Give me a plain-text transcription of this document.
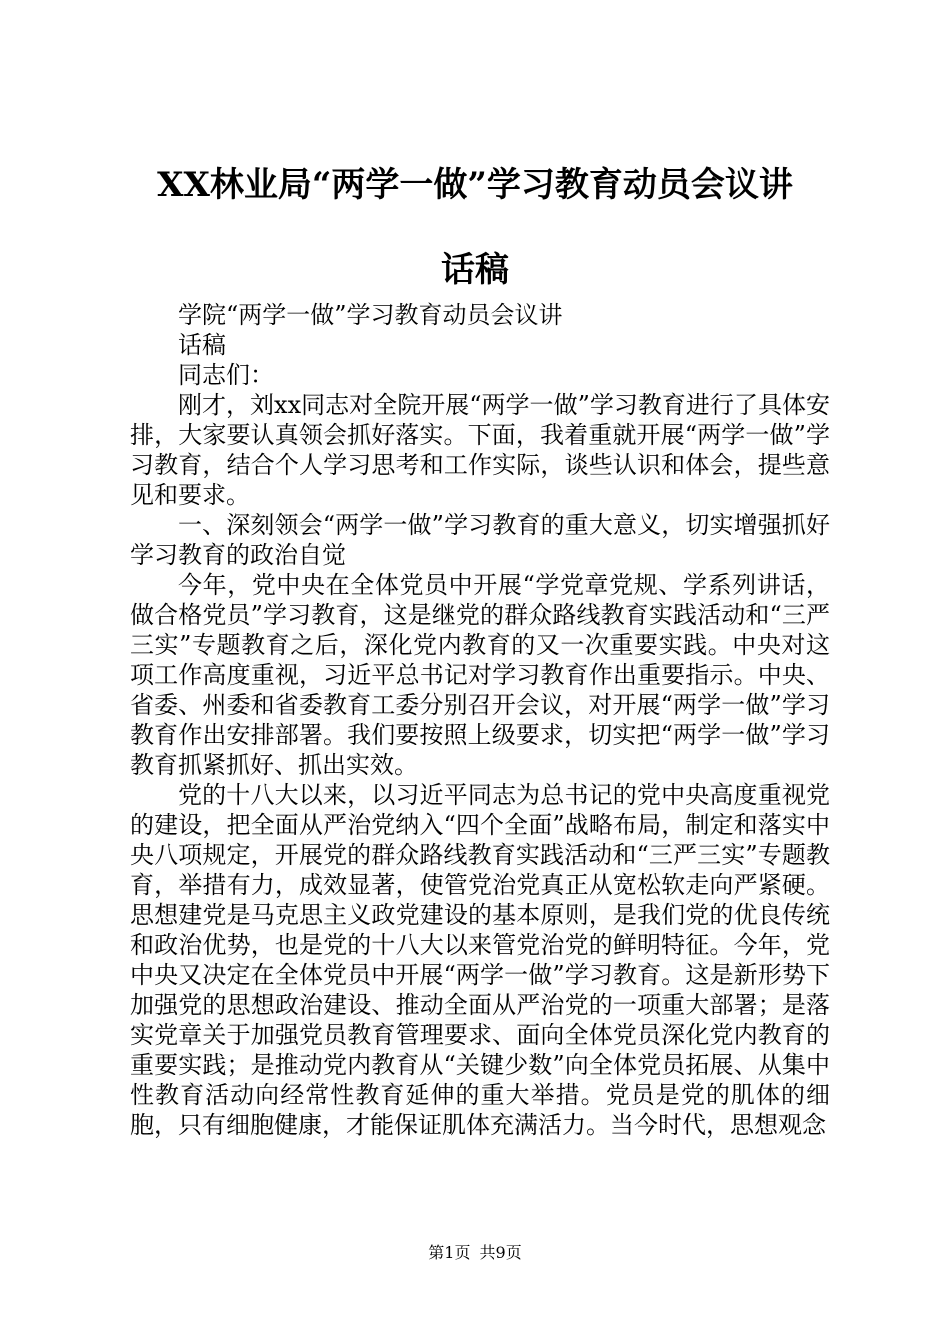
XX林业局“两学一做”学习教育动员会议讲
话稿

学院“两学一做”学习教育动员会议讲

话稿

同志们：

刚才，刘xx同志对全院开展“两学一做”学习教育进行了具体安排，大家要认真领会抓好落实。下面，我着重就开展“两学一做”学习教育，结合个人学习思考和工作实际，谈些认识和体会，提些意见和要求。

一、深刻领会“两学一做”学习教育的重大意义，切实增强抓好学习教育的政治自觉

今年，党中央在全体党员中开展“学党章党规、学系列讲话，做合格党员”学习教育，这是继党的群众路线教育实践活动和“三严三实”专题教育之后，深化党内教育的又一次重要实践。中央对这项工作高度重视，习近平总书记对学习教育作出重要指示。中央、省委、州委和省委教育工委分别召开会议，对开展“两学一做”学习教育作出安排部署。我们要按照上级要求，切实把“两学一做”学习教育抓紧抓好、抓出实效。

党的十八大以来，以习近平同志为总书记的党中央高度重视党的建设，把全面从严治党纳入“四个全面”战略布局，制定和落实中央八项规定，开展党的群众路线教育实践活动和“三严三实”专题教育，举措有力，成效显著，使管党治党真正从宽松软走向严紧硬。思想建党是马克思主义政党建设的基本原则，是我们党的优良传统和政治优势，也是党的十八大以来管党治党的鲜明特征。今年，党中央又决定在全体党员中开展“两学一做”学习教育。这是新形势下加强党的思想政治建设、推动全面从严治党的一项重大部署；是落实党章关于加强党员教育管理要求、面向全体党员深化党内教育的重要实践；是推动党内教育从“关键少数”向全体党员拓展、从集中性教育活动向经常性教育延伸的重大举措。党员是党的肌体的细胞，只有细胞健康，才能保证肌体充满活力。当今时代，思想观念

第1页 共9页
